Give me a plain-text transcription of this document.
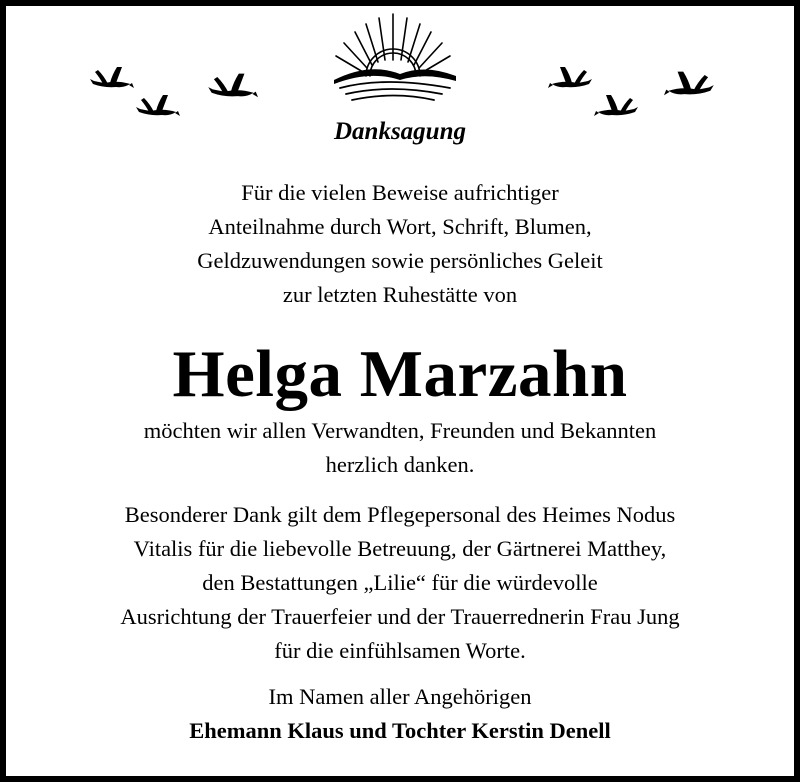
Danksagung
Für die vielen Beweise aufrichtiger
Anteilnahme durch Wort, Schrift, Blumen,
Geldzuwendungen sowie persönliches Geleit
zur letzten Ruhestätte von
Helga Marzahn
möchten wir allen Verwandten, Freunden und Bekannten
herzlich danken.
Besonderer Dank gilt dem Pflegepersonal des Heimes Nodus
Vitalis für die liebevolle Betreuung, der Gärtnerei Matthey,
den Bestattungen „Lilie“ für die würdevolle
Ausrichtung der Trauerfeier und der Trauerrednerin Frau Jung
für die einfühlsamen Worte.
Im Namen aller Angehörigen
Ehemann Klaus und Tochter Kerstin Denell
